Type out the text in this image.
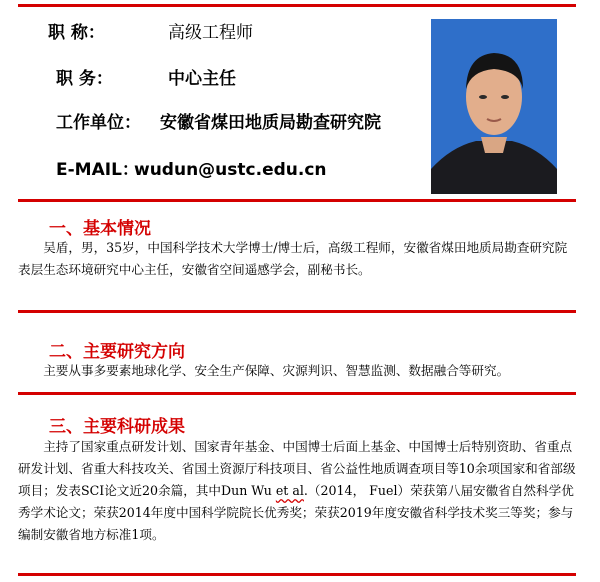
职 称：	高级工程师
职 务：	中心主任
工作单位： 安徽省煤田地质局勘查研究院
E-MAIL：wudun@ustc.edu.cn
一、基本情况

吴盾，男，35岁，中国科学技术大学博士/博士后，高级工程师，安徽省煤田地质局勘查研究院表层生态环境研究中心主任，安徽省空间遥感学会，副秘书长。

二、主要研究方向

主要从事多要素地球化学、安全生产保障、灾源判识、智慧监测、数据融合等研究。

三、主要科研成果

主持了国家重点研发计划、国家青年基金、中国博士后面上基金、中国博士后特别资助、省重点研发计划、省重大科技攻关、省国土资源厅科技项目、省公益性地质调查项目等10余项国家和省部级项目；发表SCI论文近20余篇，其中Dun Wu et al.（2014， Fuel）荣获第八届安徽省自然科学优秀学术论文；荣获2014年度中国科学院院长优秀奖；荣获2019年度安徽省科学技术奖三等奖；参与编制安徽省地方标准1项。
